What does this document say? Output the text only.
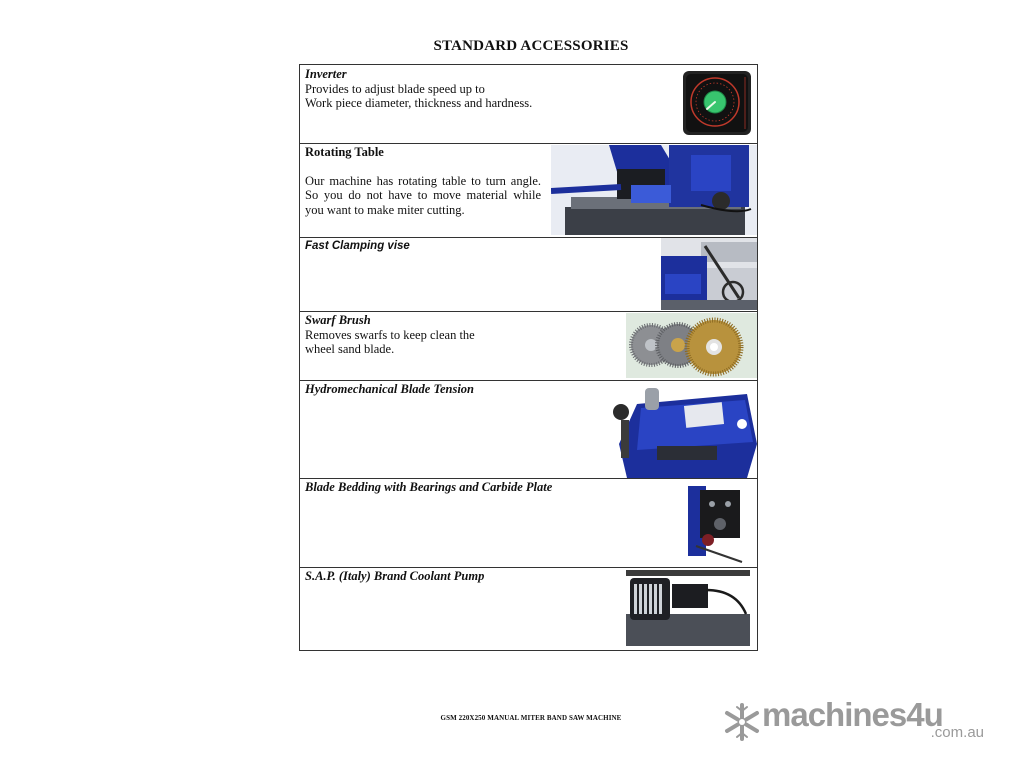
STANDARD ACCESSORIES
Inverter
Provides to adjust blade speed up to
Work piece diameter, thickness and hardness.
Rotating Table
Our machine has rotating table to turn angle. So you do not have to move material while you want to make miter cutting.
Fast Clamping vise
Swarf Brush
Removes swarfs to keep clean the
wheel sand blade.
Hydromechanical Blade Tension
Blade Bedding with Bearings and Carbide Plate
S.A.P. (Italy) Brand Coolant Pump
GSM 220X250 MANUAL MITER BAND SAW MACHINE	machines4u
.com.au
